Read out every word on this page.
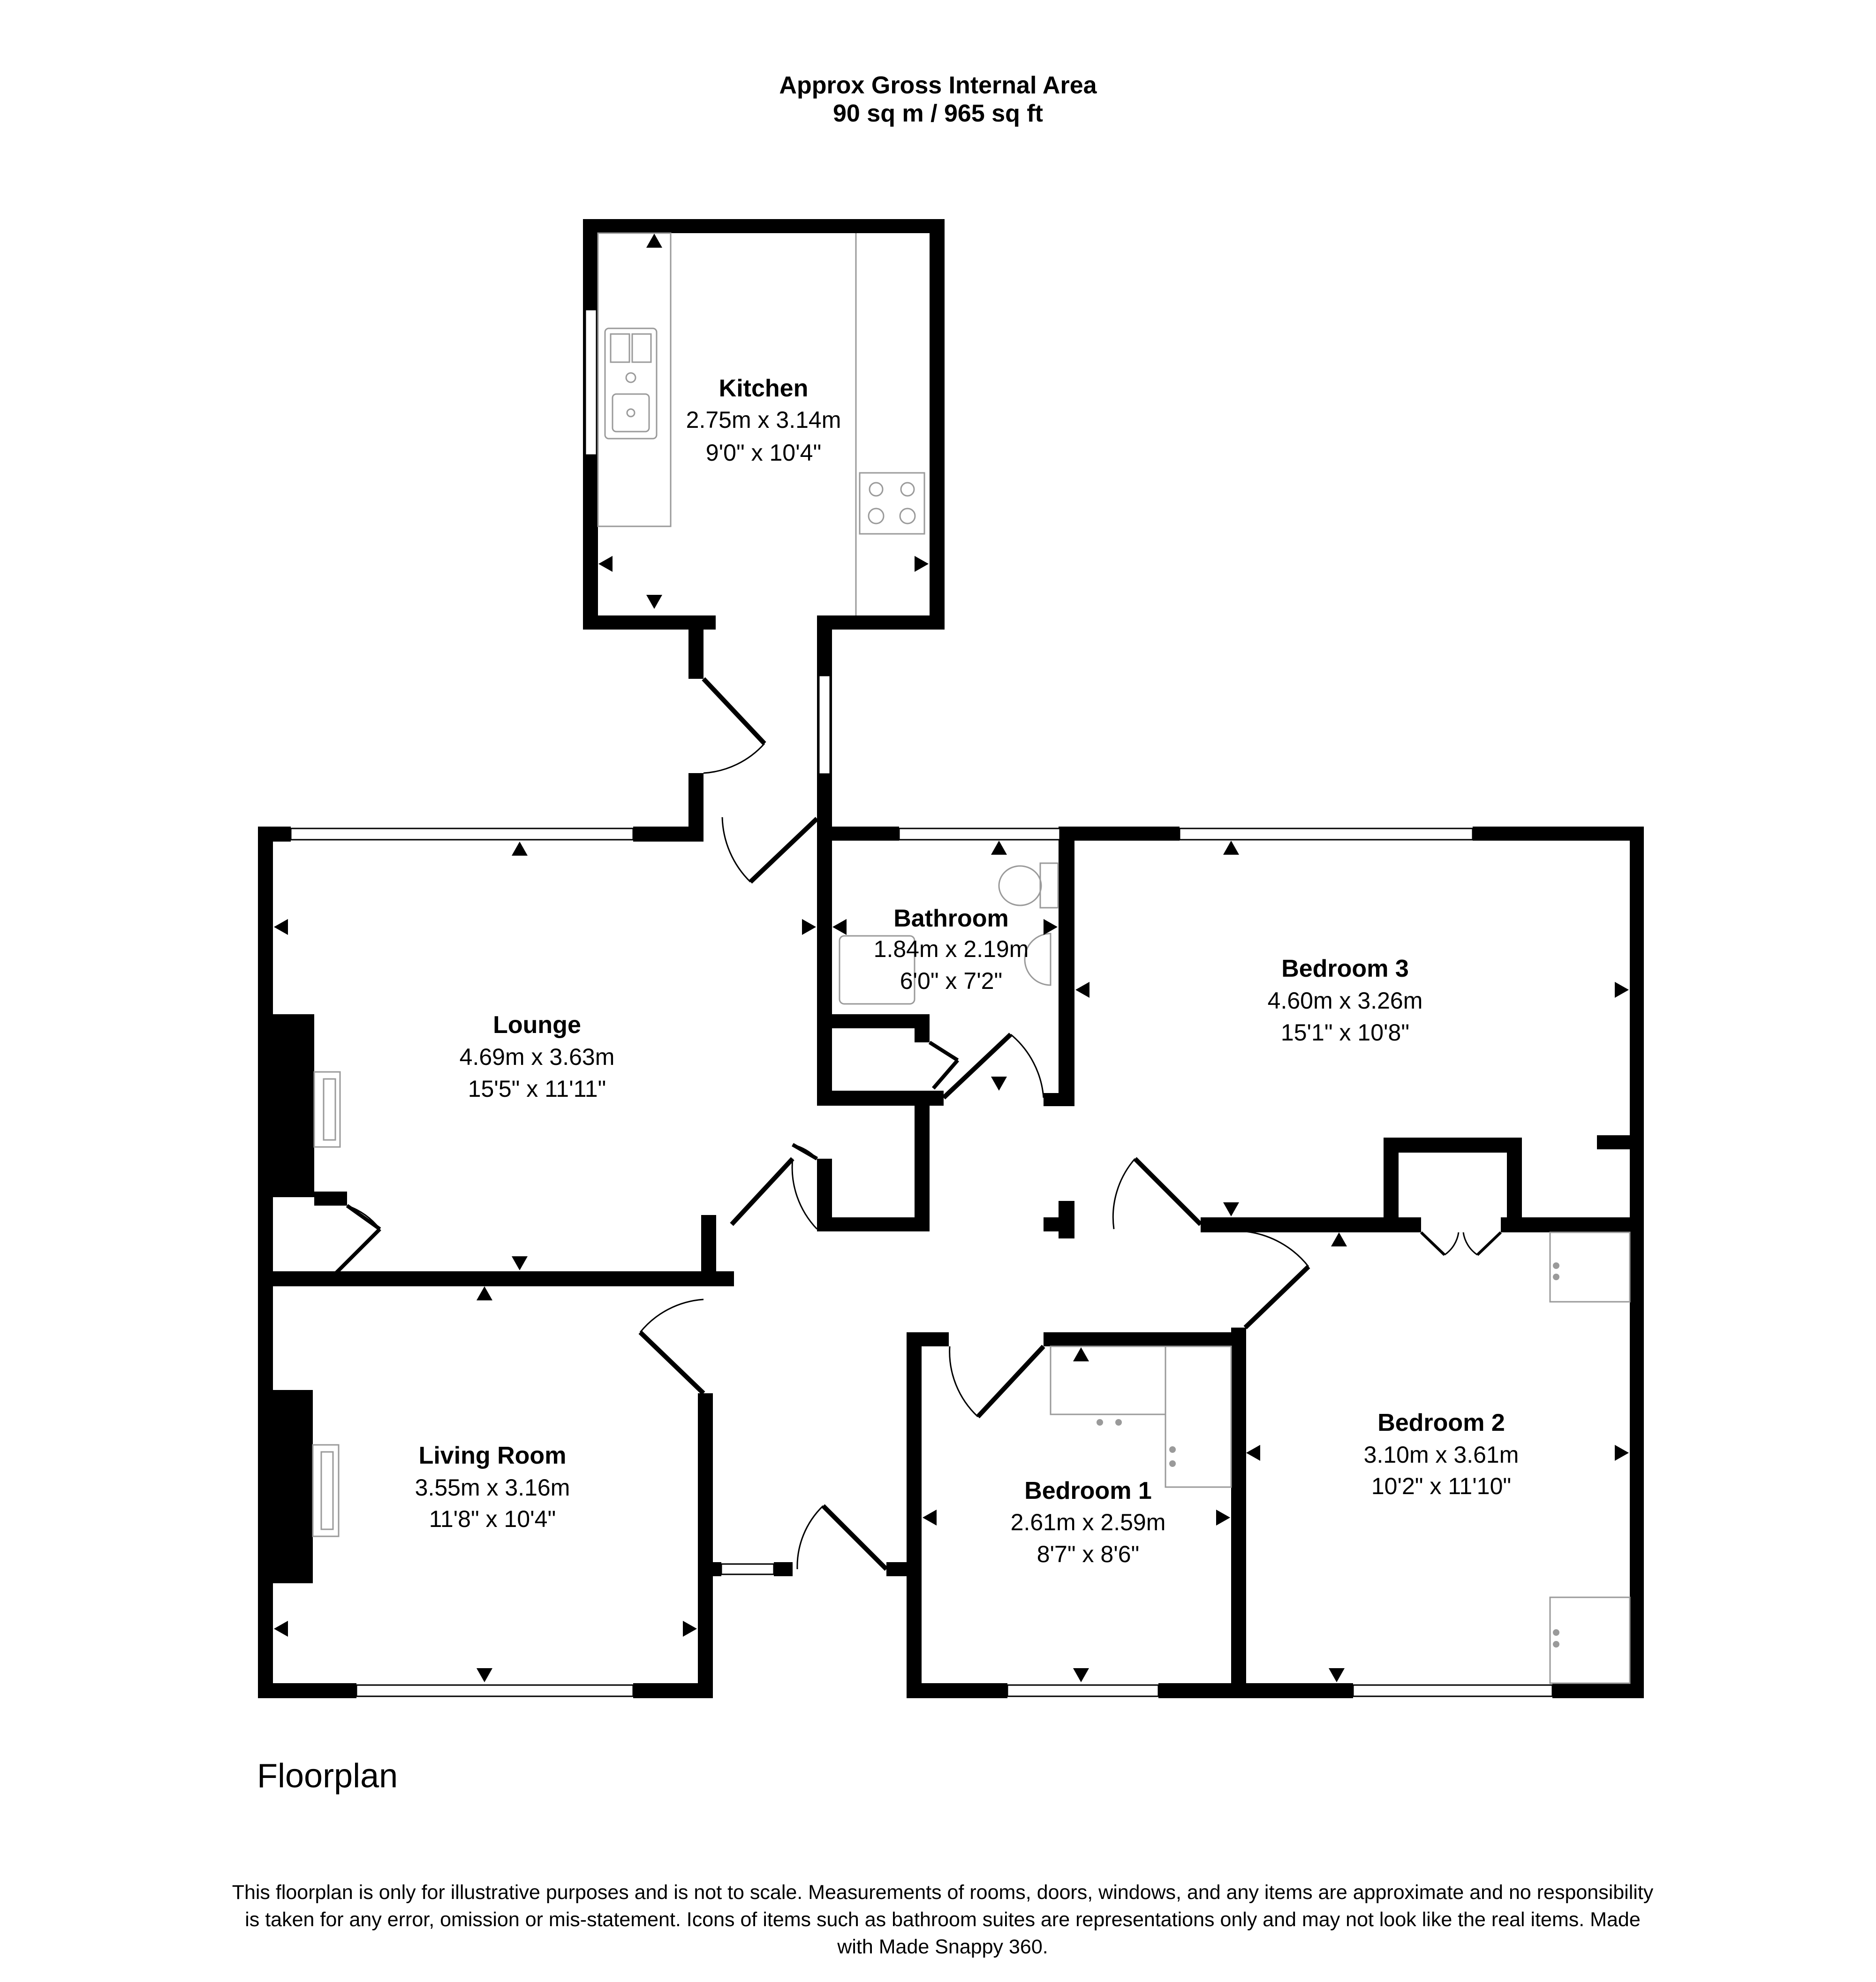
Approx Gross Internal Area
90 sq m / 965 sq ft
Kitchen
2.75m x 3.14m
9'0" x 10'4"
Bathroom
1.84m x 2.19m
6'0" x 7'2"
Lounge
4.69m x 3.63m
15'5" x 11'11"
Bedroom 3
4.60m x 3.26m
15'1" x 10'8"
Living Room
3.55m x 3.16m
11'8" x 10'4"
Bedroom 2
3.10m x 3.61m
10'2" x 11'10"
Bedroom 1
2.61m x 2.59m
8'7" x 8'6"
Floorplan
This floorplan is only for illustrative purposes and is not to scale. Measurements of rooms, doors, windows, and any items are approximate and no responsibility is taken for any error, omission or mis-statement. Icons of items such as bathroom suites are representations only and may not look like the real items. Made with Made Snappy 360.
